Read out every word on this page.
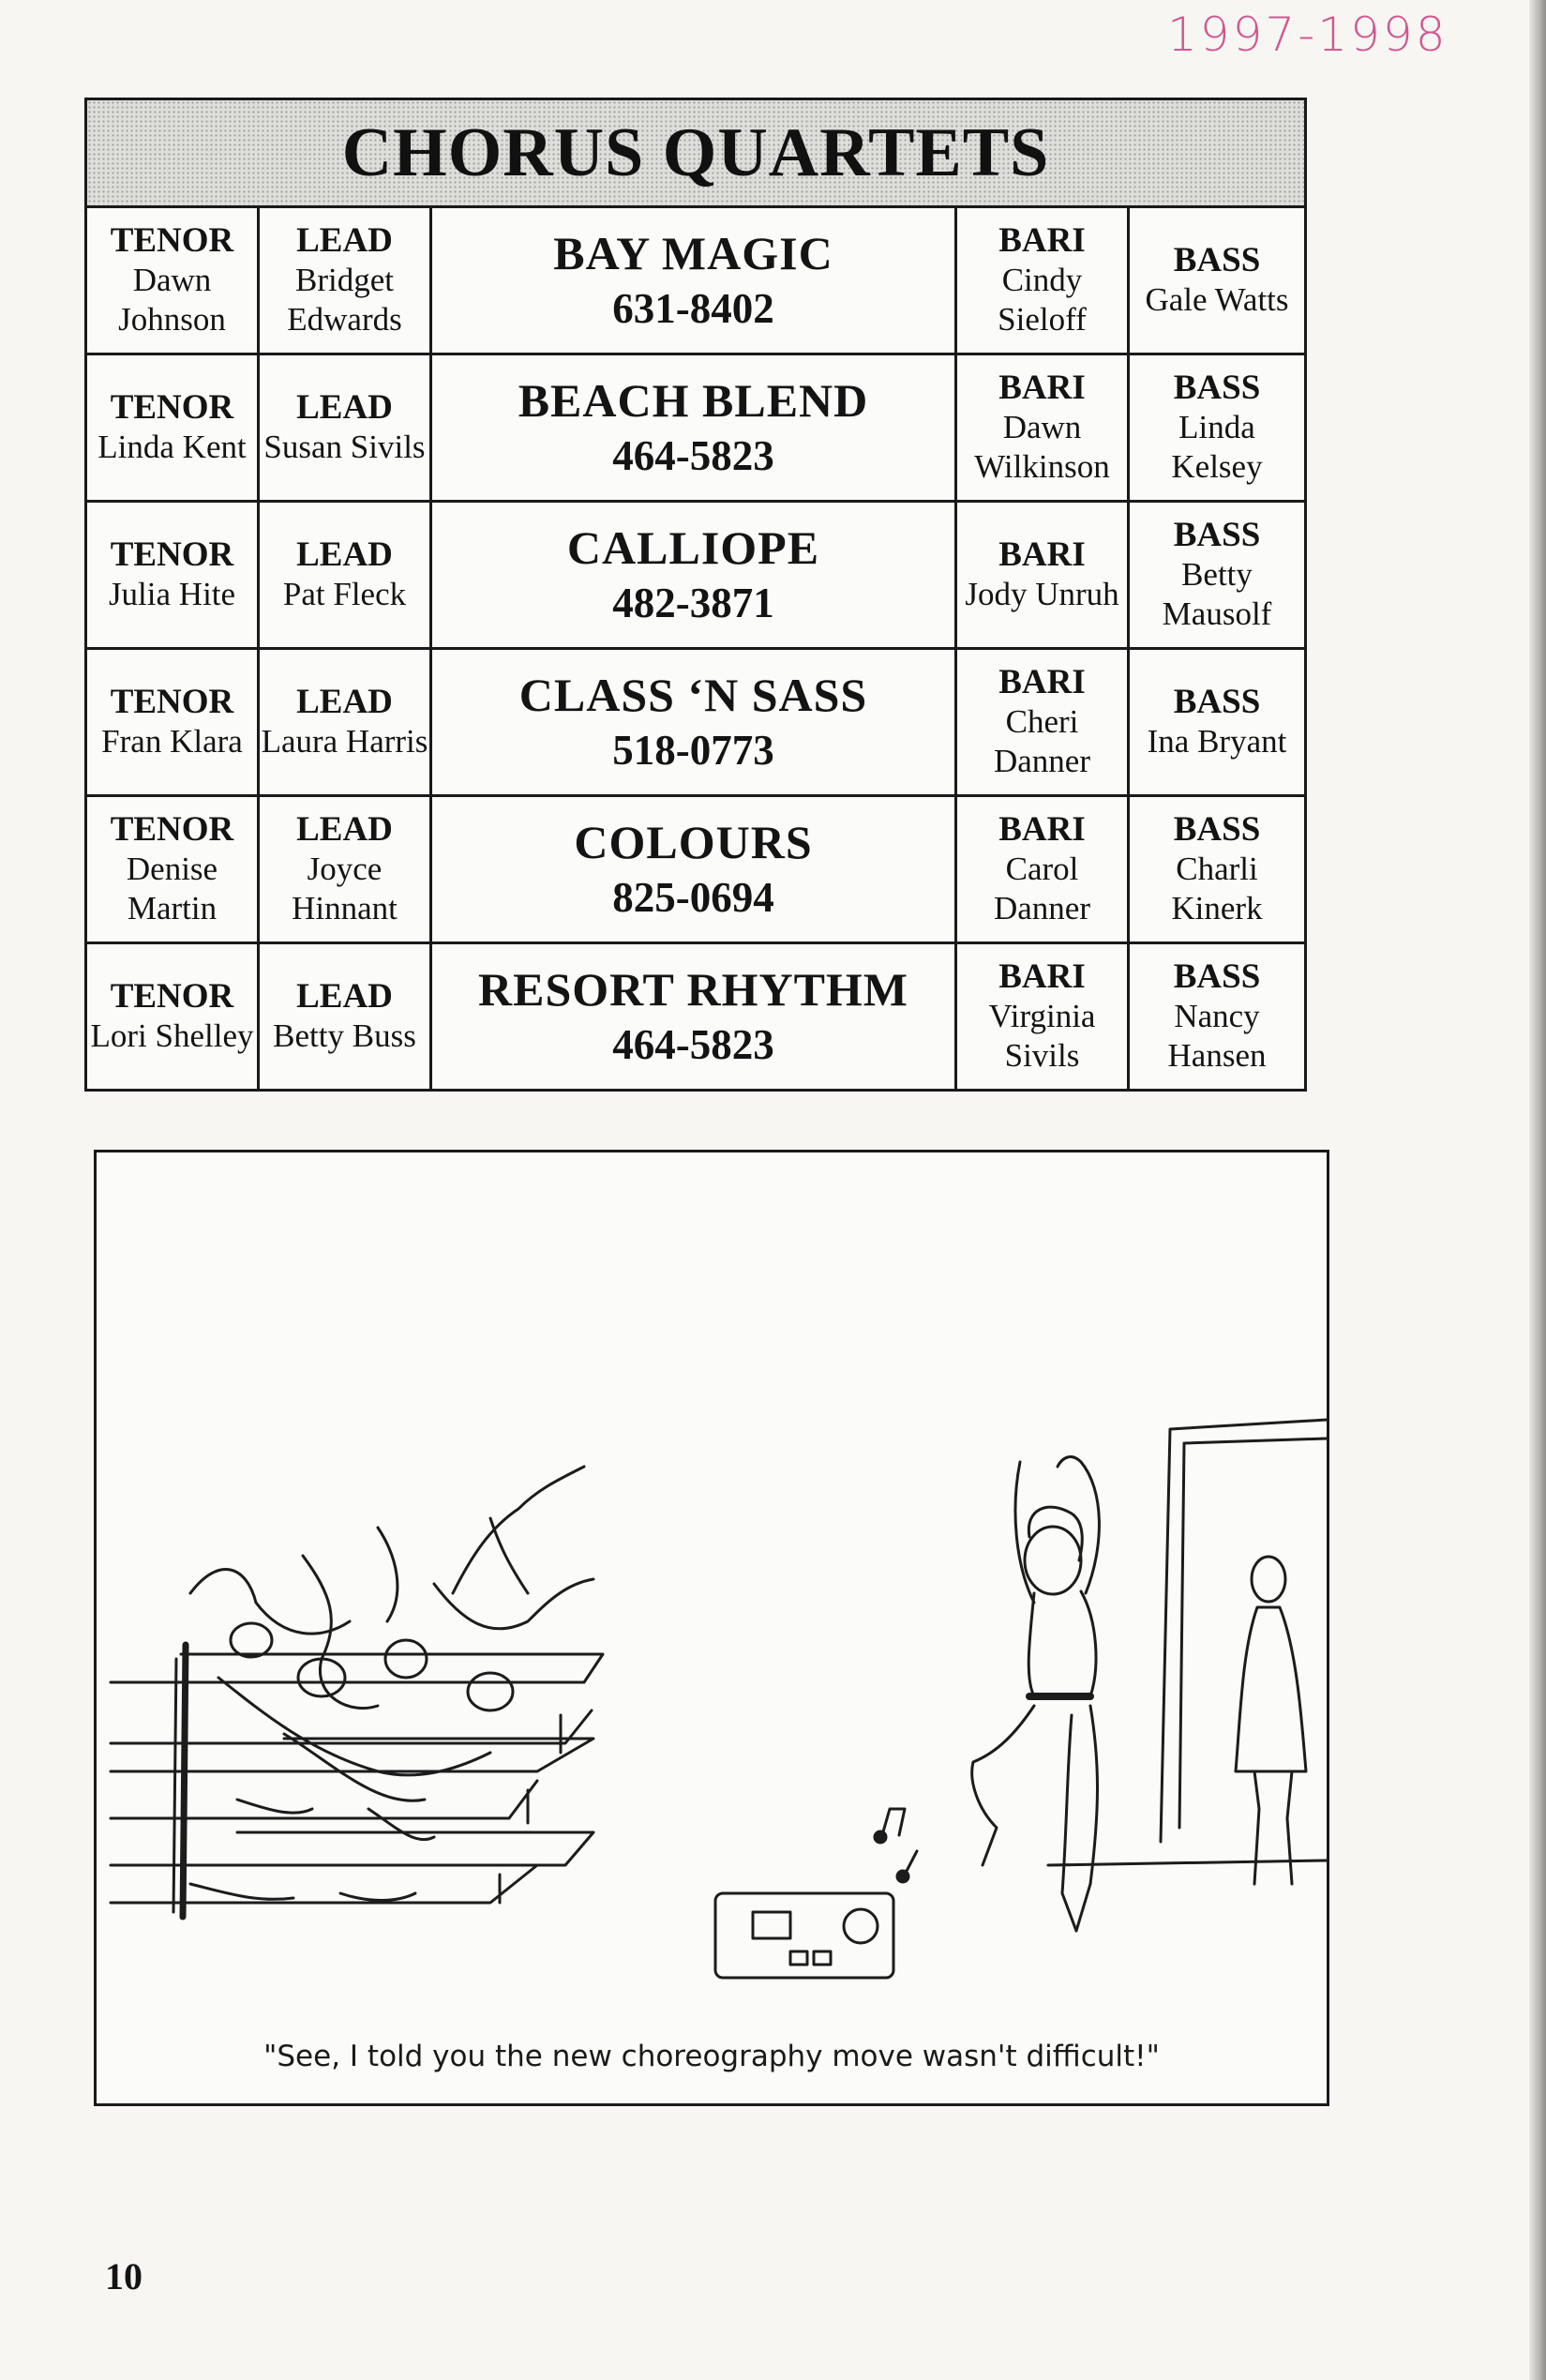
1997-1998
CHORUS QUARTETS
TENOR
Dawn Johnson
LEAD
Bridget Edwards
BAY MAGIC
631-8402
BARI
Cindy Sieloff
BASS
Gale Watts
TENOR
Linda Kent
LEAD
Susan Sivils
BEACH BLEND
464-5823
BARI
Dawn Wilkinson
BASS
Linda Kelsey
TENOR
Julia Hite
LEAD
Pat Fleck
CALLIOPE
482-3871
BARI
Jody Unruh
BASS
Betty Mausolf
TENOR
Fran Klara
LEAD
Laura Harris
CLASS ‘N SASS
518-0773
BARI
Cheri Danner
BASS
Ina Bryant
TENOR
Denise Martin
LEAD
Joyce Hinnant
COLOURS
825-0694
BARI
Carol Danner
BASS
Charli Kinerk
TENOR
Lori Shelley
LEAD
Betty Buss
RESORT RHYTHM
464-5823
BARI
Virginia Sivils
BASS
Nancy Hansen
"See, I told you the new choreography move wasn't difficult!"
10
